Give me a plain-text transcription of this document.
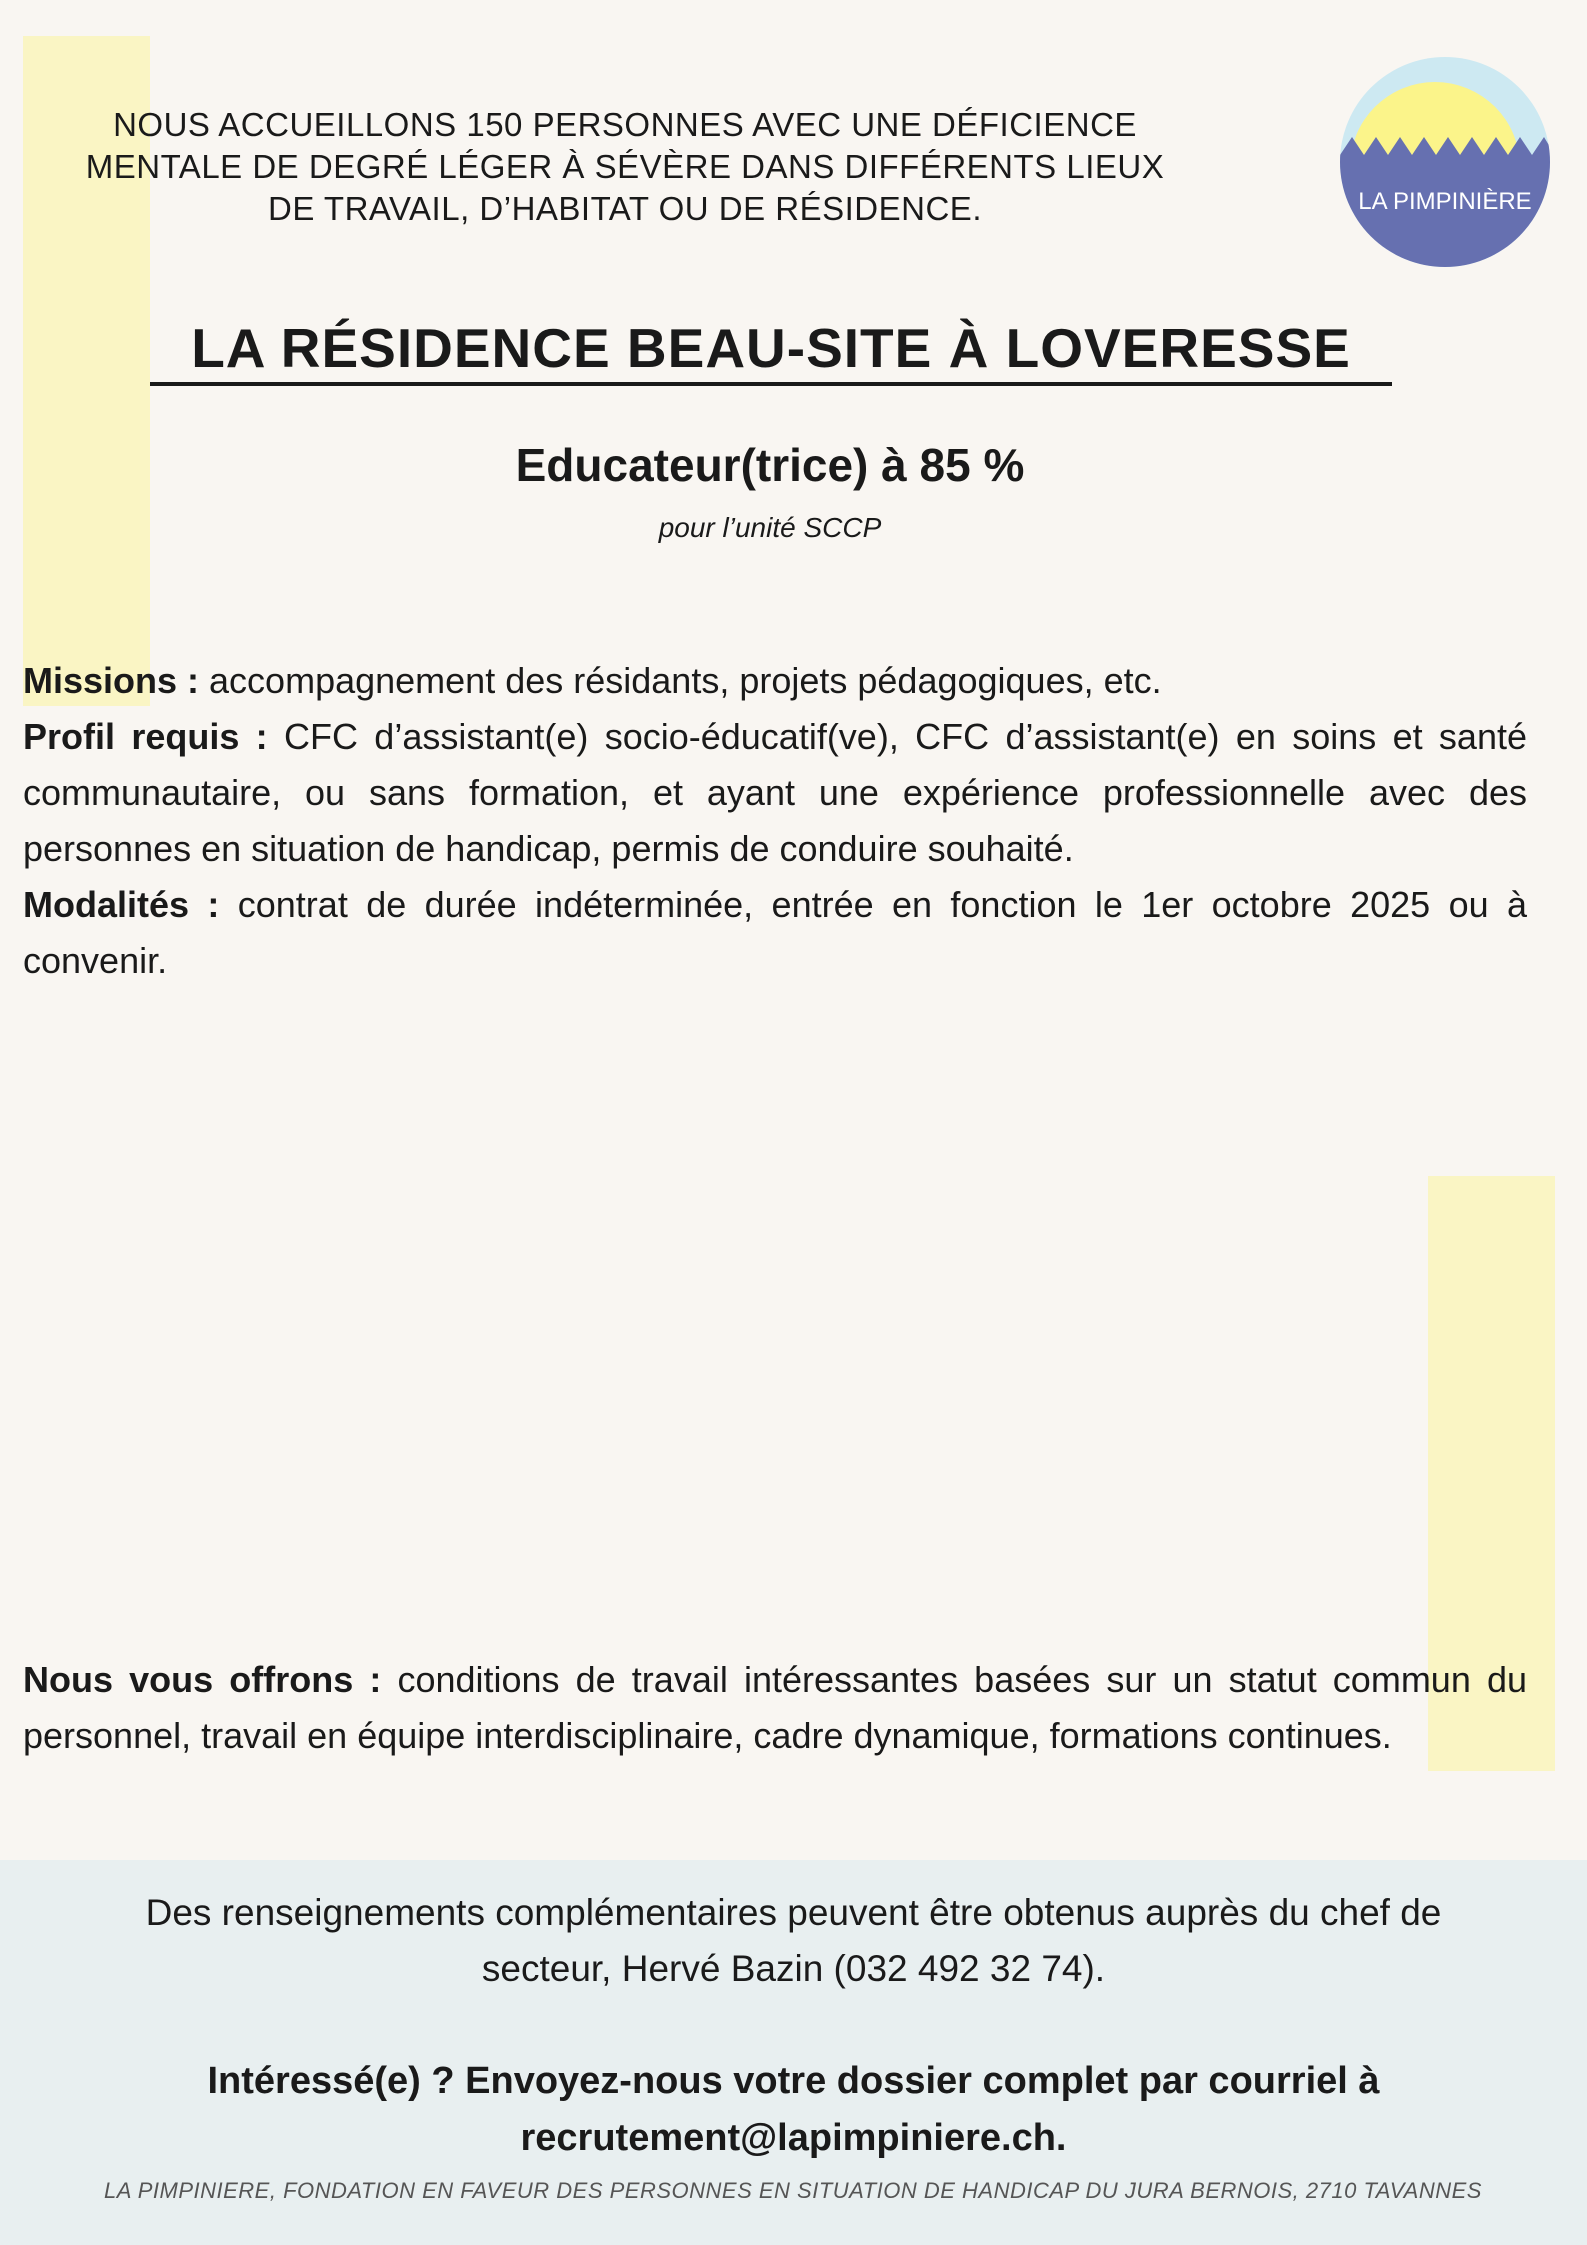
NOUS ACCUEILLONS 150 PERSONNES AVEC UNE DÉFICIENCE
MENTALE DE DEGRÉ LÉGER À SÉVÈRE DANS DIFFÉRENTS LIEUX
DE TRAVAIL, D’HABITAT OU DE RÉSIDENCE.	LA PIMPINIÈRE
LA RÉSIDENCE BEAU-SITE À LOVERESSE
Educateur(trice) à 85 %
pour l’unité SCCP

Missions : accompagnement des résidants, projets pédagogiques, etc.

Profil requis : CFC d’assistant(e) socio-éducatif(ve), CFC d’assistant(e) en soins et santé communautaire, ou sans formation, et ayant une expérience professionnelle avec des personnes en situation de handicap, permis de conduire souhaité.

Modalités : contrat de durée indéterminée, entrée en fonction le 1er octobre 2025 ou à convenir.

Nous vous offrons : conditions de travail intéressantes basées sur un statut commun du personnel, travail en équipe interdisciplinaire, cadre dynamique, formations continues.

Des renseignements complémentaires peuvent être obtenus auprès du chef de
secteur, Hervé Bazin (032 492 32 74).
Intéressé(e) ? Envoyez-nous votre dossier complet par courriel à
recrutement@lapimpiniere.ch.
LA PIMPINIERE, FONDATION EN FAVEUR DES PERSONNES EN SITUATION DE HANDICAP DU JURA BERNOIS, 2710 TAVANNES
